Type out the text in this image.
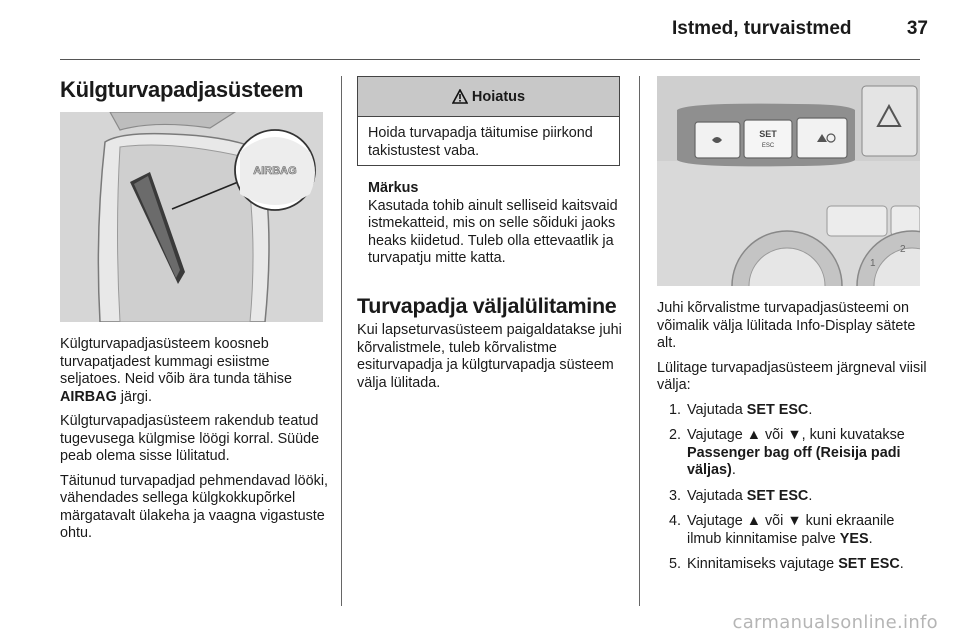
Istmed, turvaistmed	37
Külgturvapadjasüsteem
AIRBAG

Külgturvapadjasüsteem koosneb turvapatjadest kummagi esiistme seljatoes. Neid võib ära tunda tähise AIRBAG järgi.

Külgturvapadjasüsteem rakendub teatud tugevusega külgmise löögi korral. Süüde peab olema sisse lülitatud.

Täitunud turvapadjad pehmendavad lööki, vähendades sellega külgkokkupõrkel märgatavalt ülakeha ja vaagna vigastuste ohtu.

Hoiatus
Hoida turvapadja täitumise piirkond takistustest vaba.
Märkus
Kasutada tohib ainult selliseid kaitsvaid istmekatteid, mis on selle sõiduki jaoks heaks kiidetud. Tuleb olla ettevaatlik ja turvapatju mitte katta.
Turvapadja väljalülitamine

Kui lapseturvasüsteem paigaldatakse juhi kõrvalistmele, tuleb kõrvalistme esiturvapadja ja külgturvapadja süsteem välja lülitada.

SET
ESC
1
2

Juhi kõrvalistme turvapadjasüsteemi on võimalik välja lülitada Info-Display sätete alt.

Lülitage turvapadjasüsteem järgneval viisil välja:

1. Vajutada SET ESC.
2. Vajutage ▲ või ▼, kuni kuvatakse Passenger bag off (Reisija padi väljas).
3. Vajutada SET ESC.
4. Vajutage ▲ või ▼ kuni ekraanile ilmub kinnitamise palve YES.
5. Kinnitamiseks vajutage SET ESC.
carmanualsonline.info
